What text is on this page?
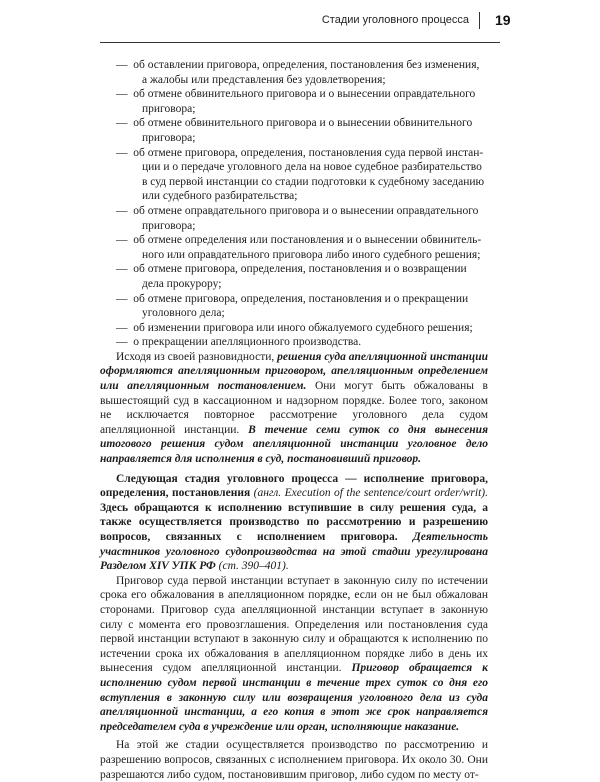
Стадии уголовного процесса 19
—  об оставлении приговора, определения, постановления без изменения,
а жалобы или представления без удовлетворения;
—  об отмене обвинительного приговора и о вынесении оправдательного
приговора;
—  об отмене обвинительного приговора и о вынесении обвинительного
приговора;
—  об отмене приговора, определения, постановления суда первой инстан-
ции и о передаче уголовного дела на новое судебное разбирательство
в суд первой инстанции со стадии подготовки к судебному заседанию
или судебного разбирательства;
—  об отмене оправдательного приговора и о вынесении оправдательного
приговора;
—  об отмене определения или постановления и о вынесении обвинитель-
ного или оправдательного приговора либо иного судебного решения;
—  об отмене приговора, определения, постановления и о возвращении
дела прокурору;
—  об отмене приговора, определения, постановления и о прекращении
уголовного дела;
—  об изменении приговора или иного обжалуемого судебного решения;
—  о прекращении апелляционного производства.

Исходя из своей разновидности, решения суда апелляционной инстанции оформляются апелляционным приговором, апелляционным определением или апелляционным постановлением. Они могут быть обжалованы в вышестоящий суд в кассационном и надзорном порядке. Более того, законом не исключается повторное рассмотрение уголовного дела судом апелляционной инстанции. В течение семи суток со дня вынесения итогового решения судом апелляционной инстанции уголовное дело направляется для исполнения в суд, постановивший приговор.

Следующая стадия уголовного процесса — исполнение приговора, определения, постановления (англ. Execution of the sentence/court order/writ). Здесь обращаются к исполнению вступившие в силу решения суда, а также осуществляется производство по рассмотрению и разрешению вопросов, связанных с исполнением приговора. Деятельность участников уголовного судопроизводства на этой стадии урегулирована Разделом XIV УПК РФ (ст. 390–401).

Приговор суда первой инстанции вступает в законную силу по истечении срока его обжалования в апелляционном порядке, если он не был обжалован сторонами. Приговор суда апелляционной инстанции вступает в законную силу с момента его провозглашения. Определения или постановления суда первой инстанции вступают в законную силу и обращаются к исполнению по истечении срока их обжалования в апелляционном порядке либо в день их вынесения судом апелляционной инстанции. Приговор обращается к исполнению судом первой инстанции в течение трех суток со дня его вступления в законную силу или возвращения уголовного дела из суда апелляционной инстанции, а его копия в этот же срок направляется председателем суда в учреждение или орган, исполняющие наказание.

На этой же стадии осуществляется производство по рассмотрению и разрешению вопросов, связанных с исполнением приговора. Их около 30. Они разрешаются либо судом, постановившим приговор, либо судом по месту от-
